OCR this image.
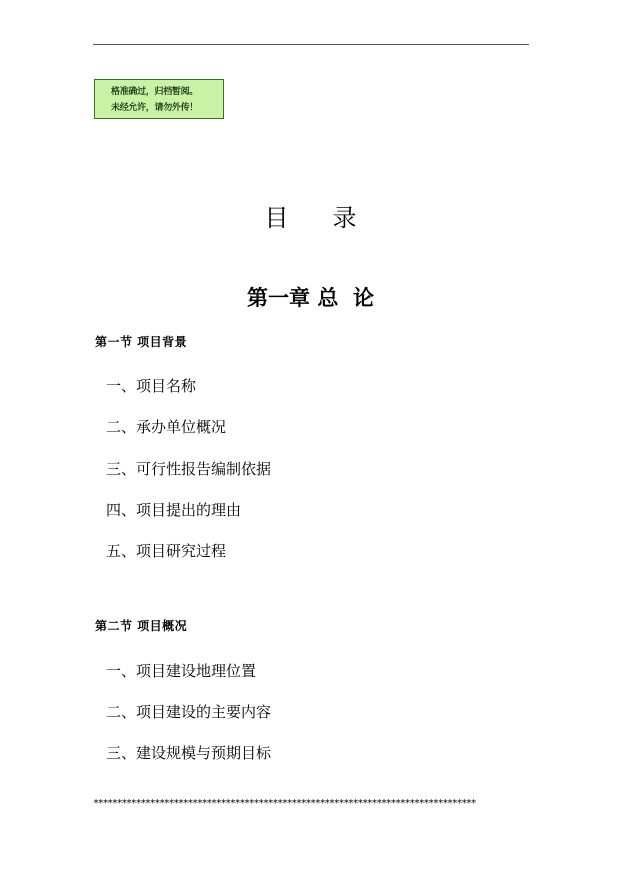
格准确过，归档暂阅。
未经允许，请勿外传！
目 录
第一章 总  论
第一节 项目背景
一、项目名称
二、承办单位概况
三、可行性报告编制依据
四、项目提出的理由
五、项目研究过程
第二节 项目概况
一、项目建设地理位置
二、项目建设的主要内容
三、建设规模与预期目标
*********************************************************************************
